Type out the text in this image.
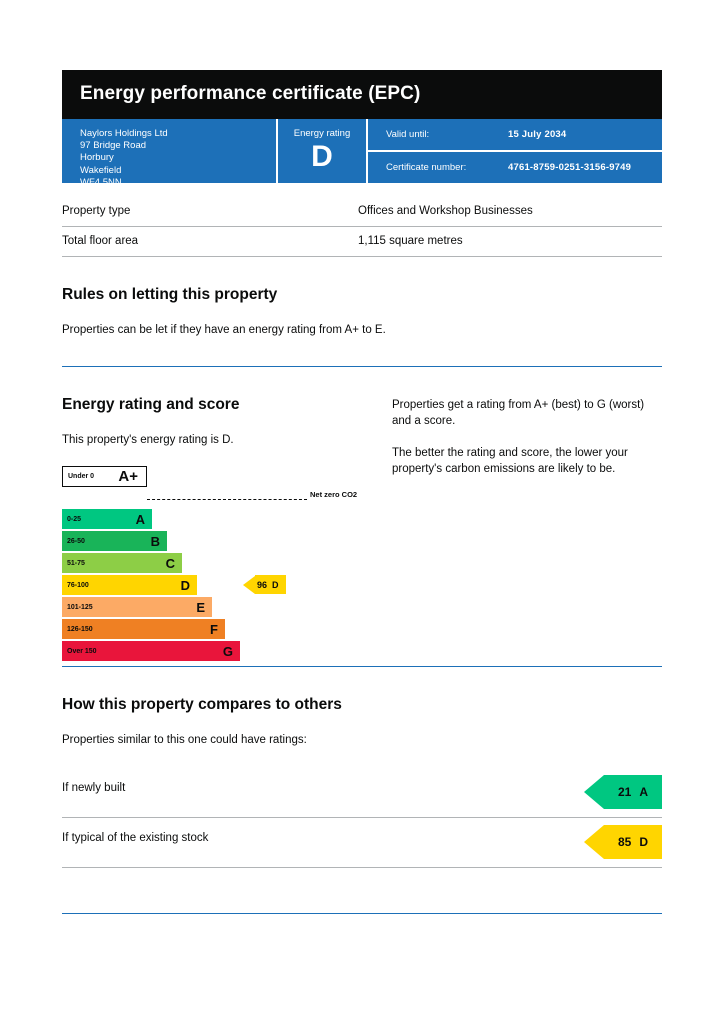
Energy performance certificate (EPC)
Naylors Holdings Ltd
97 Bridge Road
Horbury
Wakefield
WF4 5NN
Energy rating
D
Valid until:	15 July 2034
Certificate number:	4761-8759-0251-3156-9749
Property type	Offices and Workshop Businesses
Total floor area	1,115 square metres
Rules on letting this property

Properties can be let if they have an energy rating from A+ to E.

Energy rating and score

This property's energy rating is D.

Under 0 A+
Net zero CO2
0-25	A
26-50	B
51-75	C
76-100	D
101-125	E
126-150	F
Over 150	G
96 D

Properties get a rating from A+ (best) to G (worst) and a score.

The better the rating and score, the lower your property's carbon emissions are likely to be.

How this property compares to others

Properties similar to this one could have ratings:

If newly built	21 A
If typical of the existing stock	85 D
